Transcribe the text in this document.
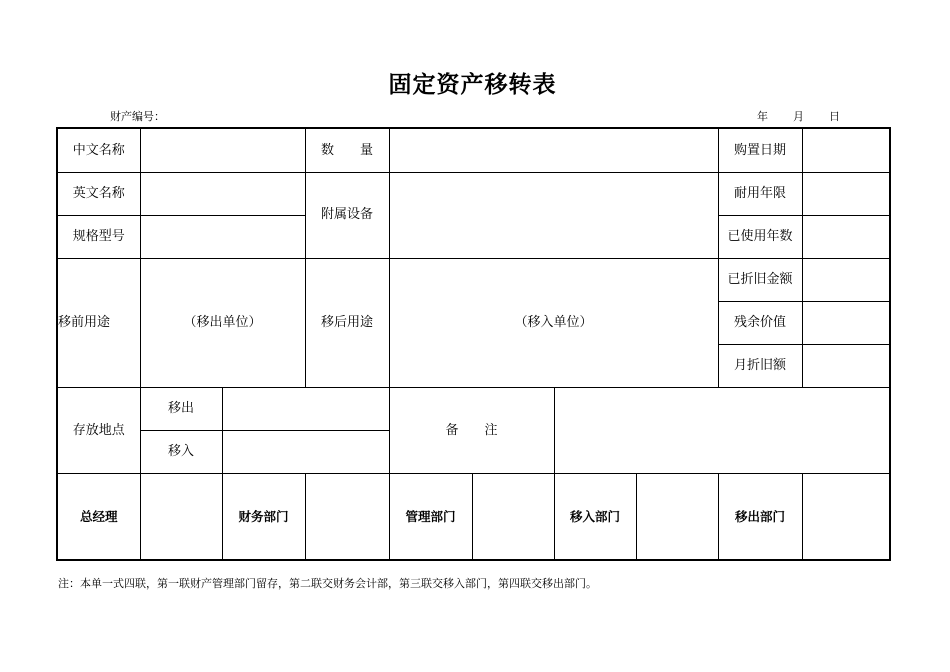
固定资产移转表
财产编号：	年 月 日
中文名称			数　　量					购置日期	
英文名称			附属设备					耐用年限	
规格型号								已使用年数	
移前用途	（移出单位）		移后用途	（移入单位）				已折旧金额	
								残余价值	
								月折旧额	
存放地点	移出			备　　注					
	移入								
总经理		财务部门		管理部门		移入部门		移出部门	
注：本单一式四联，第一联财产管理部门留存，第二联交财务会计部，第三联交移入部门，第四联交移出部门。
